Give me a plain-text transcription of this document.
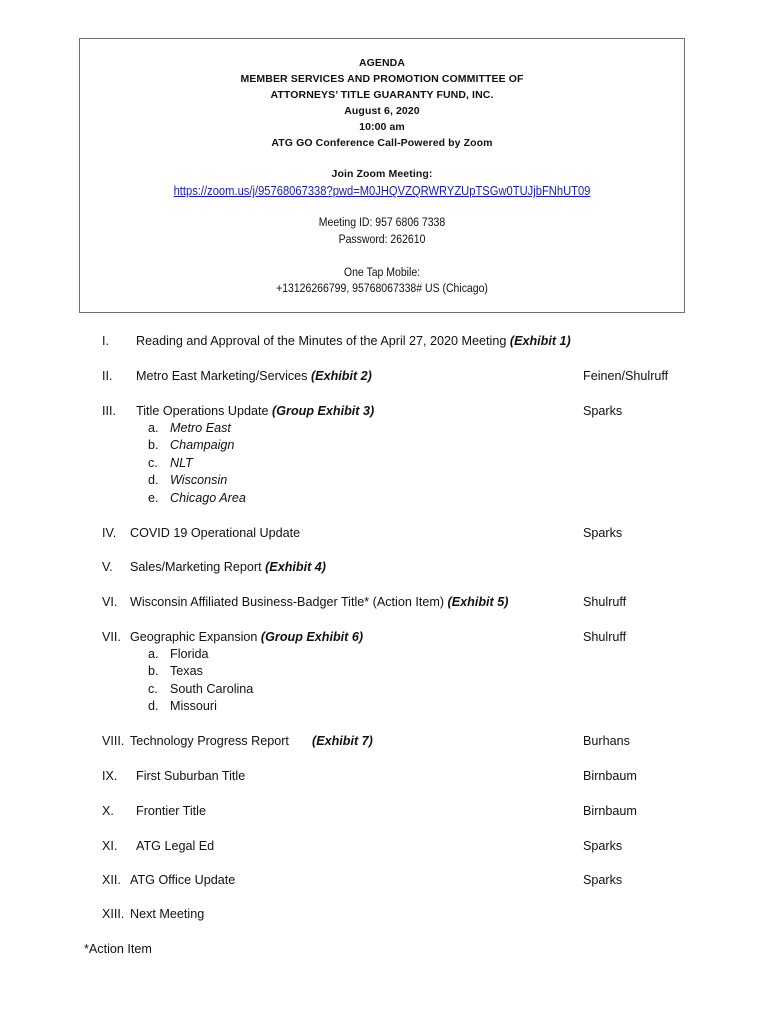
AGENDA
MEMBER SERVICES AND PROMOTION COMMITTEE OF
ATTORNEYS’ TITLE GUARANTY FUND, INC.
August 6, 2020
10:00 am
ATG GO Conference Call-Powered by Zoom
Join Zoom Meeting:
https://zoom.us/j/95768067338?pwd=M0JHQVZQRWRYZUpTSGw0TUJjbFNhUT09
Meeting ID: 957 6806 7338
Password: 262610
One Tap Mobile:
+13126266799, 95768067338# US (Chicago)
I. Reading and Approval of the Minutes of the April 27, 2020 Meeting (Exhibit 1)
II. Metro East Marketing/Services (Exhibit 2)	Feinen/Shulruff
III. Title Operations Update (Group Exhibit 3)	Sparks
a. Metro East
b. Champaign
c. NLT
d. Wisconsin
e. Chicago Area
IV. COVID 19 Operational Update	Sparks
V. Sales/Marketing Report (Exhibit 4)
VI. Wisconsin Affiliated Business-Badger Title* (Action Item) (Exhibit 5)	Shulruff
VII. Geographic Expansion (Group Exhibit 6)	Shulruff
a. Florida
b. Texas
c. South Carolina
d. Missouri
VIII. Technology Progress Report (Exhibit 7)	Burhans
IX. First Suburban Title	Birnbaum
X. Frontier Title	Birnbaum
XI. ATG Legal Ed	Sparks
XII. ATG Office Update	Sparks
XIII. Next Meeting
*Action Item
